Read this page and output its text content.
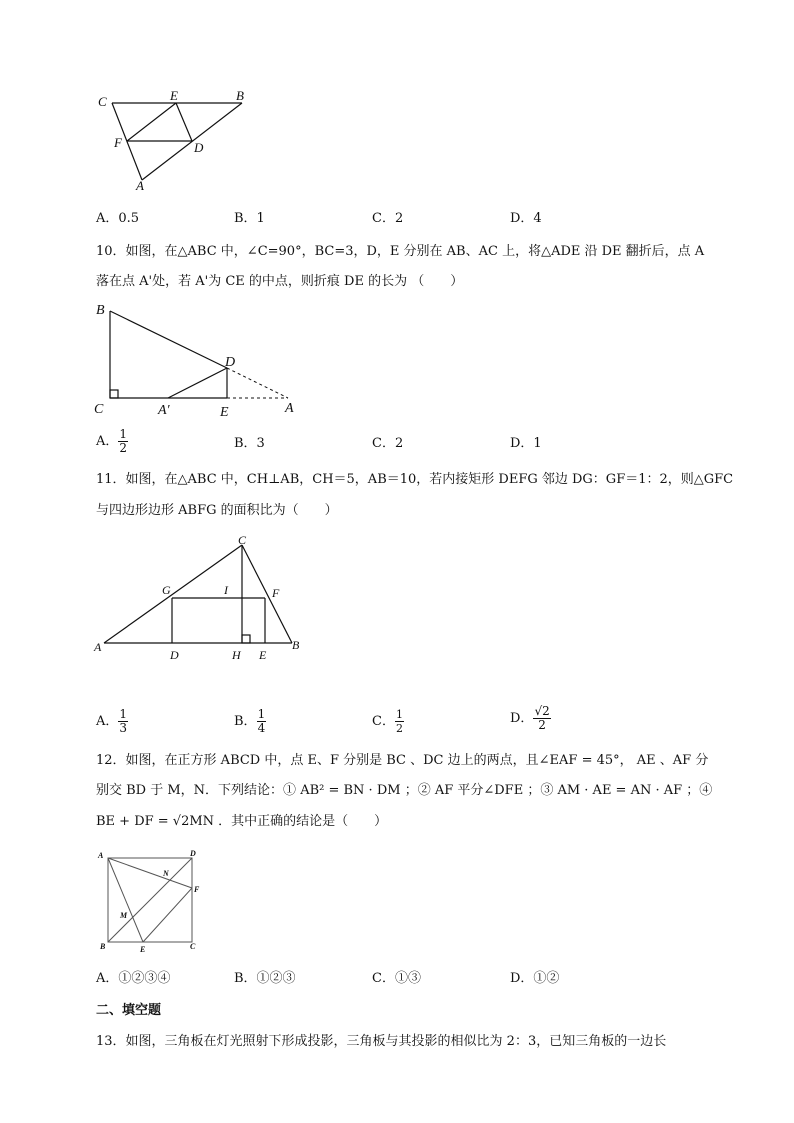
C	E	B
F	D
A
A．0.5	B．1	C．2	D．4
10．如图，在△ABC 中，∠C=90°，BC=3，D，E 分别在 AB、AC 上，将△ADE 沿 DE 翻折后，点 A
落在点 A'处，若 A'为 CE 的中点，则折痕 DE 的长为 （　　）
B
D
C	A′	E	A
A． $\frac{1}{2}$	B．3	C．2	D．1
11．如图，在△ABC 中，CH⊥AB，CH＝5，AB＝10，若内接矩形 DEFG 邻边 DG：GF＝1：2，则△GFC
与四边形边形 ABFG 的面积比为（　　）
C
G	I	F
A
D	H E
B
A． $\frac{1}{3}$	B． $\frac{1}{4}$	C． $\frac{1}{2}$	D． $\frac{√2}{2}$
12．如图，在正方形 ABCD 中，点 E、F 分别是 BC 、DC 边上的两点，且∠EAF = 45°， AE 、AF 分
别交 BD 于 M，N．下列结论：① AB² = BN · DM ；② AF 平分∠DFE ；③ AM · AE = AN · AF ；④
BE + DF = √2MN ．其中正确的结论是（　　）
A	D
N
F
M
B	E	C
A．①②③④	B．①②③	C．①③	D．①②
二、填空题
13．如图，三角板在灯光照射下形成投影，三角板与其投影的相似比为 2：3，已知三角板的一边长
